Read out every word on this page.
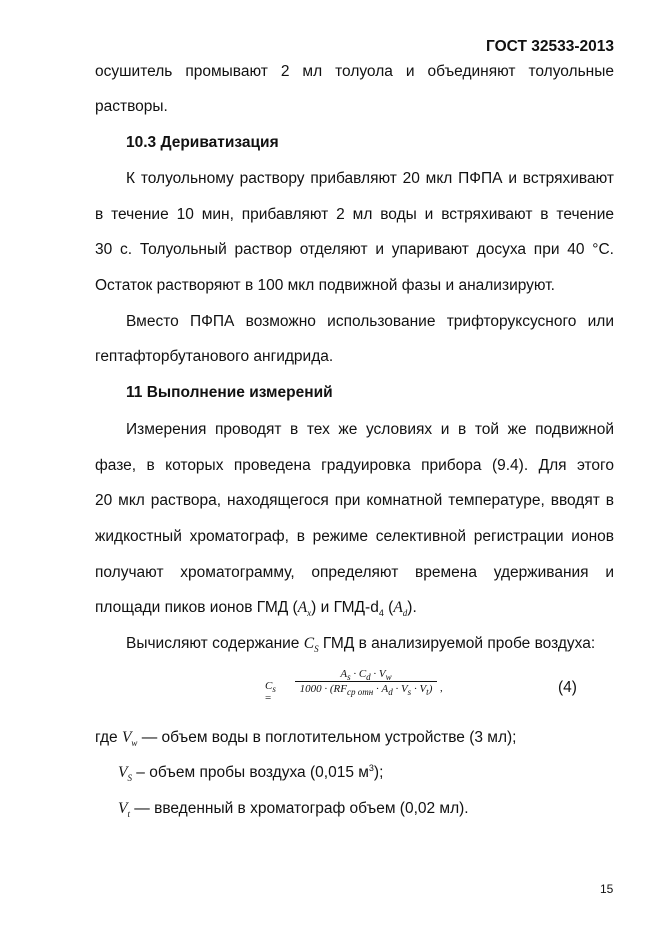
ГОСТ 32533-2013
осушитель промывают 2 мл толуола и объединяют толуольные
растворы.
10.3 Дериватизация
К толуольному раствору прибавляют 20 мкл ПФПА и встряхивают
в течение 10 мин, прибавляют 2 мл воды и встряхивают в течение
30 с. Толуольный раствор отделяют и упаривают досуха при 40 °С.
Остаток растворяют в 100 мкл подвижной фазы и анализируют.
Вместо ПФПА возможно использование трифторуксусного или
гептафторбутанового ангидрида.
11 Выполнение измерений
Измерения проводят в тех же условиях и в той же подвижной
фазе, в которых проведена градуировка прибора (9.4). Для этого
20 мкл раствора, находящегося при комнатной температуре, вводят в
жидкостный хроматограф, в режиме селективной регистрации ионов
получают хроматограмму, определяют времена удерживания и
площади пиков ионов ГМД $(A_x)$ и ГМД-$d_4$ $(A_d)$.
Вычисляют содержание $C_S$ ГМД в анализируемой пробе воздуха:
$C_s$ =
$A_s \cdot C_d \cdot V_w$
$1000 \cdot (RF_{ср отн} \cdot A_d \cdot V_s \cdot V_t)$ ,	(4)
где $V_w$ — объем воды в поглотительном устройстве (3 мл);
$V_S$ – объем пробы воздуха (0,015 $м^3$);
$V_t$ — введенный в хроматограф объем (0,02 мл).
15
